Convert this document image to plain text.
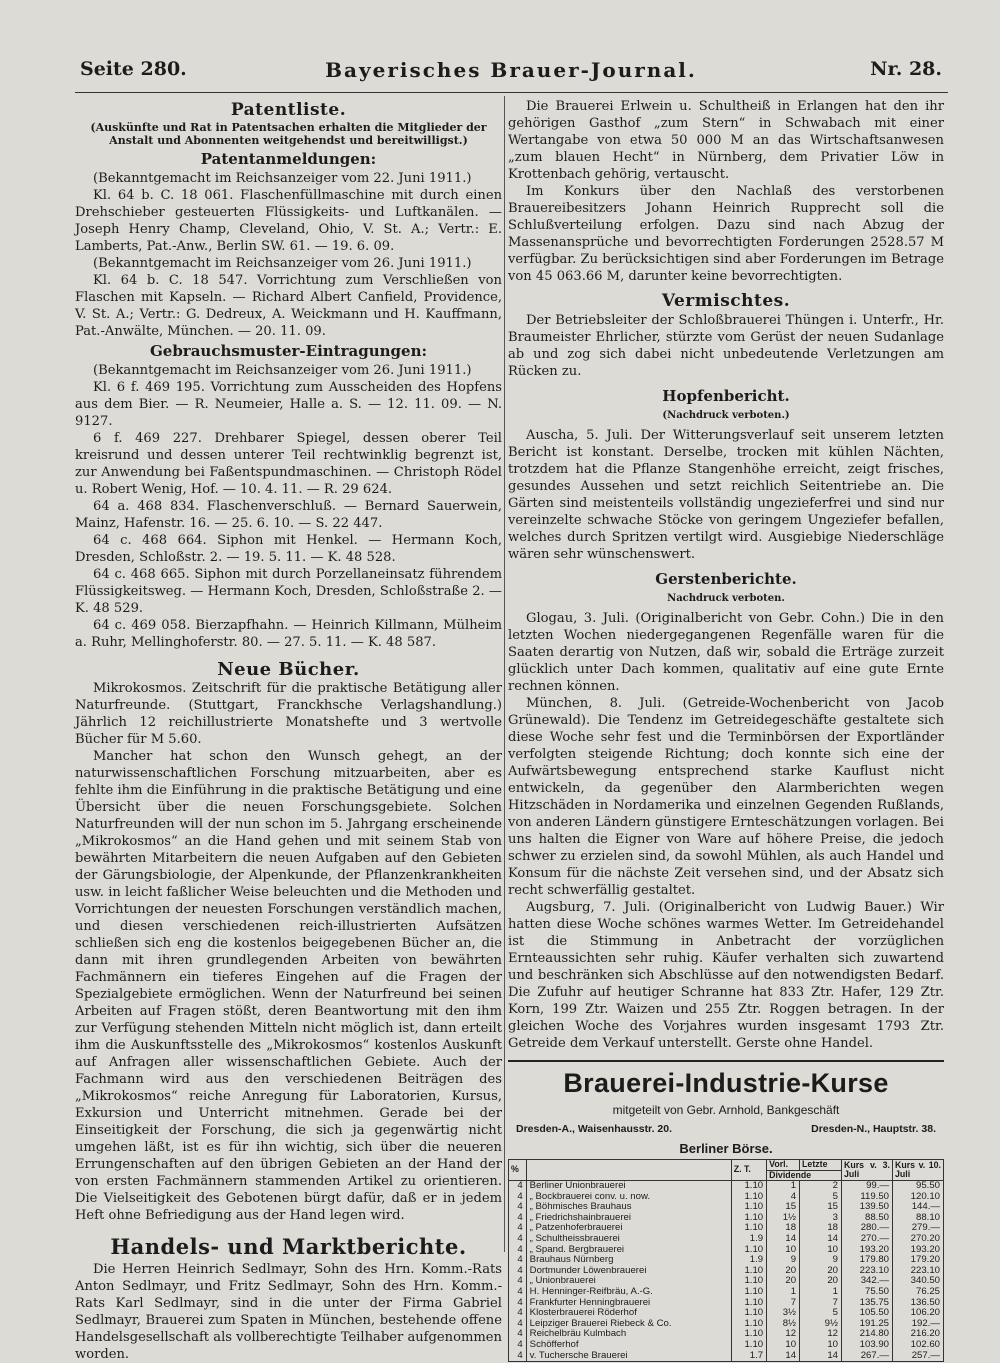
Seite 280.	Bayerisches Brauer-Journal.	Nr. 28.
Patentliste.
(Auskünfte und Rat in Patentsachen erhalten die Mitglieder der Anstalt und Abonnenten weitgehendst und bereitwilligst.)
Patentanmeldungen:

(Bekanntgemacht im Reichsanzeiger vom 22. Juni 1911.)

Kl. 64 b. C. 18 061. Flaschenfüllmaschine mit durch einen Drehschieber gesteuerten Flüssigkeits- und Luftkanälen. — Joseph Henry Champ, Cleveland, Ohio, V. St. A.; Vertr.: E. Lamberts, Pat.-Anw., Berlin SW. 61. — 19. 6. 09.

(Bekanntgemacht im Reichsanzeiger vom 26. Juni 1911.)

Kl. 64 b. C. 18 547. Vorrichtung zum Verschließen von Flaschen mit Kapseln. — Richard Albert Canfield, Providence, V. St. A.; Vertr.: G. Dedreux, A. Weickmann und H. Kauffmann, Pat.-Anwälte, München. — 20. 11. 09.

Gebrauchsmuster-Eintragungen:

(Bekanntgemacht im Reichsanzeiger vom 26. Juni 1911.)

Kl. 6 f. 469 195. Vorrichtung zum Ausscheiden des Hopfens aus dem Bier. — R. Neumeier, Halle a. S. — 12. 11. 09. — N. 9127.

6 f. 469 227. Drehbarer Spiegel, dessen oberer Teil kreisrund und dessen unterer Teil rechtwinklig begrenzt ist, zur Anwendung bei Faßentspundmaschinen. — Christoph Rödel u. Robert Wenig, Hof. — 10. 4. 11. — R. 29 624.

64 a. 468 834. Flaschenverschluß. — Bernard Sauerwein, Mainz, Hafenstr. 16. — 25. 6. 10. — S. 22 447.

64 c. 468 664. Siphon mit Henkel. — Hermann Koch, Dresden, Schloßstr. 2. — 19. 5. 11. — K. 48 528.

64 c. 468 665. Siphon mit durch Porzellaneinsatz führendem Flüssigkeitsweg. — Hermann Koch, Dresden, Schloßstraße 2. — K. 48 529.

64 c. 469 058. Bierzapfhahn. — Heinrich Killmann, Mülheim a. Ruhr, Mellinghoferstr. 80. — 27. 5. 11. — K. 48 587.

Neue Bücher.

Mikrokosmos. Zeitschrift für die praktische Betätigung aller Naturfreunde. (Stuttgart, Franckhsche Verlagshandlung.) Jährlich 12 reichillustrierte Monatshefte und 3 wertvolle Bücher für M 5.60.

Mancher hat schon den Wunsch gehegt, an der naturwissenschaftlichen Forschung mitzuarbeiten, aber es fehlte ihm die Einführung in die praktische Betätigung und eine Übersicht über die neuen Forschungsgebiete. Solchen Naturfreunden will der nun schon im 5. Jahrgang erscheinende „Mikrokosmos“ an die Hand gehen und mit seinem Stab von bewährten Mitarbeitern die neuen Aufgaben auf den Gebieten der Gärungsbiologie, der Alpenkunde, der Pflanzenkrankheiten usw. in leicht faßlicher Weise beleuchten und die Methoden und Vorrichtungen der neuesten Forschungen verständlich machen, und diesen verschiedenen reich-illustrierten Aufsätzen schließen sich eng die kostenlos beigegebenen Bücher an, die dann mit ihren grundlegenden Arbeiten von bewährten Fachmännern ein tieferes Eingehen auf die Fragen der Spezialgebiete ermöglichen. Wenn der Naturfreund bei seinen Arbeiten auf Fragen stößt, deren Beantwortung mit den ihm zur Verfügung stehenden Mitteln nicht möglich ist, dann erteilt ihm die Auskunftsstelle des „Mikrokosmos“ kostenlos Auskunft auf Anfragen aller wissenschaftlichen Gebiete. Auch der Fachmann wird aus den verschiedenen Beiträgen des „Mikrokosmos“ reiche Anregung für Laboratorien, Kursus, Exkursion und Unterricht mitnehmen. Gerade bei der Einseitigkeit der Forschung, die sich ja gegenwärtig nicht umgehen läßt, ist es für ihn wichtig, sich über die neueren Errungenschaften auf den übrigen Gebieten an der Hand der von ersten Fachmännern stammenden Artikel zu orientieren. Die Vielseitigkeit des Gebotenen bürgt dafür, daß er in jedem Heft ohne Befriedigung aus der Hand legen wird.

Handels- und Marktberichte.

Die Herren Heinrich Sedlmayr, Sohn des Hrn. Komm.-Rats Anton Sedlmayr, und Fritz Sedlmayr, Sohn des Hrn. Komm.-Rats Karl Sedlmayr, sind in die unter der Firma Gabriel Sedlmayr, Brauerei zum Spaten in München, bestehende offene Handelsgesellschaft als vollberechtigte Teilhaber aufgenommen worden.

Die Brauerei Erlwein u. Schultheiß in Erlangen hat den ihr gehörigen Gasthof „zum Stern“ in Schwabach mit einer Wertangabe von etwa 50 000 M an das Wirtschaftsanwesen „zum blauen Hecht“ in Nürnberg, dem Privatier Löw in Krottenbach gehörig, vertauscht.

Im Konkurs über den Nachlaß des verstorbenen Brauereibesitzers Johann Heinrich Rupprecht soll die Schlußverteilung erfolgen. Dazu sind nach Abzug der Massenansprüche und bevorrechtigten Forderungen 2528.57 M verfügbar. Zu berücksichtigen sind aber Forderungen im Betrage von 45 063.66 M, darunter keine bevorrechtigten.

Vermischtes.

Der Betriebsleiter der Schloßbrauerei Thüngen i. Unterfr., Hr. Braumeister Ehrlicher, stürzte vom Gerüst der neuen Sudanlage ab und zog sich dabei nicht unbedeutende Verletzungen am Rücken zu.

Hopfenbericht.
(Nachdruck verboten.)

Auscha, 5. Juli. Der Witterungsverlauf seit unserem letzten Bericht ist konstant. Derselbe, trocken mit kühlen Nächten, trotzdem hat die Pflanze Stangenhöhe erreicht, zeigt frisches, gesundes Aussehen und setzt reichlich Seitentriebe an. Die Gärten sind meistenteils vollständig ungezieferfrei und sind nur vereinzelte schwache Stöcke von geringem Ungeziefer befallen, welches durch Spritzen vertilgt wird. Ausgiebige Niederschläge wären sehr wünschenswert.

Gerstenberichte.
Nachdruck verboten.

Glogau, 3. Juli. (Originalbericht von Gebr. Cohn.) Die in den letzten Wochen niedergegangenen Regenfälle waren für die Saaten derartig von Nutzen, daß wir, sobald die Erträge zurzeit glücklich unter Dach kommen, qualitativ auf eine gute Ernte rechnen können.

München, 8. Juli. (Getreide-Wochenbericht von Jacob Grünewald). Die Tendenz im Getreidegeschäfte gestaltete sich diese Woche sehr fest und die Terminbörsen der Exportländer verfolgten steigende Richtung; doch konnte sich eine der Aufwärtsbewegung entsprechend starke Kauflust nicht entwickeln, da gegenüber den Alarmberichten wegen Hitzschäden in Nordamerika und einzelnen Gegenden Rußlands, von anderen Ländern günstigere Ernteschätzungen vorlagen. Bei uns halten die Eigner von Ware auf höhere Preise, die jedoch schwer zu erzielen sind, da sowohl Mühlen, als auch Handel und Konsum für die nächste Zeit versehen sind, und der Absatz sich recht schwerfällig gestaltet.

Augsburg, 7. Juli. (Originalbericht von Ludwig Bauer.) Wir hatten diese Woche schönes warmes Wetter. Im Getreidehandel ist die Stimmung in Anbetracht der vorzüglichen Ernteaussichten sehr ruhig. Käufer verhalten sich zuwartend und beschränken sich Abschlüsse auf den notwendigsten Bedarf. Die Zufuhr auf heutiger Schranne hat 833 Ztr. Hafer, 129 Ztr. Korn, 199 Ztr. Waizen und 255 Ztr. Roggen betragen. In der gleichen Woche des Vorjahres wurden insgesamt 1793 Ztr. Getreide dem Verkauf unterstellt. Gerste ohne Handel.

Brauerei-Industrie-Kurse
mitgeteilt von Gebr. Arnhold, Bankgeschäft
Dresden-A., Waisenhausstr. 20.	Dresden-N., Hauptstr. 38.
Berliner Börse.
%		Z. T.	Vorl.	Letzte	Kurs v. 3. Juli	Kurs v. 10. Juli
			Dividende			
4	Berliner Unionbrauerei	1.10	1	2	99.—	95.50
4	„ Bockbrauerei conv. u. now.	1.10	4	5	119.50	120.10
4	„ Böhmisches Brauhaus	1.10	15	15	139.50	144.—
4	„ Friedrichshainbrauerei	1.10	1½	3	88.50	88.10
4	„ Patzenhoferbrauerei	1.10	18	18	280.—	279.—
4	„ Schultheissbrauerei	1.9	14	14	270.—	270.20
4	„ Spand. Bergbrauerei	1.10	10	10	193.20	193.20
4	Brauhaus Nürnberg	1.9	9	9	179.80	179.20
4	Dortmunder Löwenbrauerei	1.10	20	20	223.10	223.10
4	„ Unionbrauerei	1.10	20	20	342.—	340.50
4	H. Henninger-Reifbräu, A.-G.	1.10	1	1	75.50	76.25
4	Frankfurter Henningbrauerei	1.10	7	7	135.75	136.50
4	Klosterbrauerei Röderhof	1.10	3½	5	105.50	106.20
4	Leipziger Brauerei Riebeck & Co.	1.10	8½	9½	191.25	192.—
4	Reichelbräu Kulmbach	1.10	12	12	214.80	216.20
4	Schöfferhof	1.10	10	10	103.90	102.60
4	v. Tuchersche Brauerei	1.7	14	14	267.—	257.—
